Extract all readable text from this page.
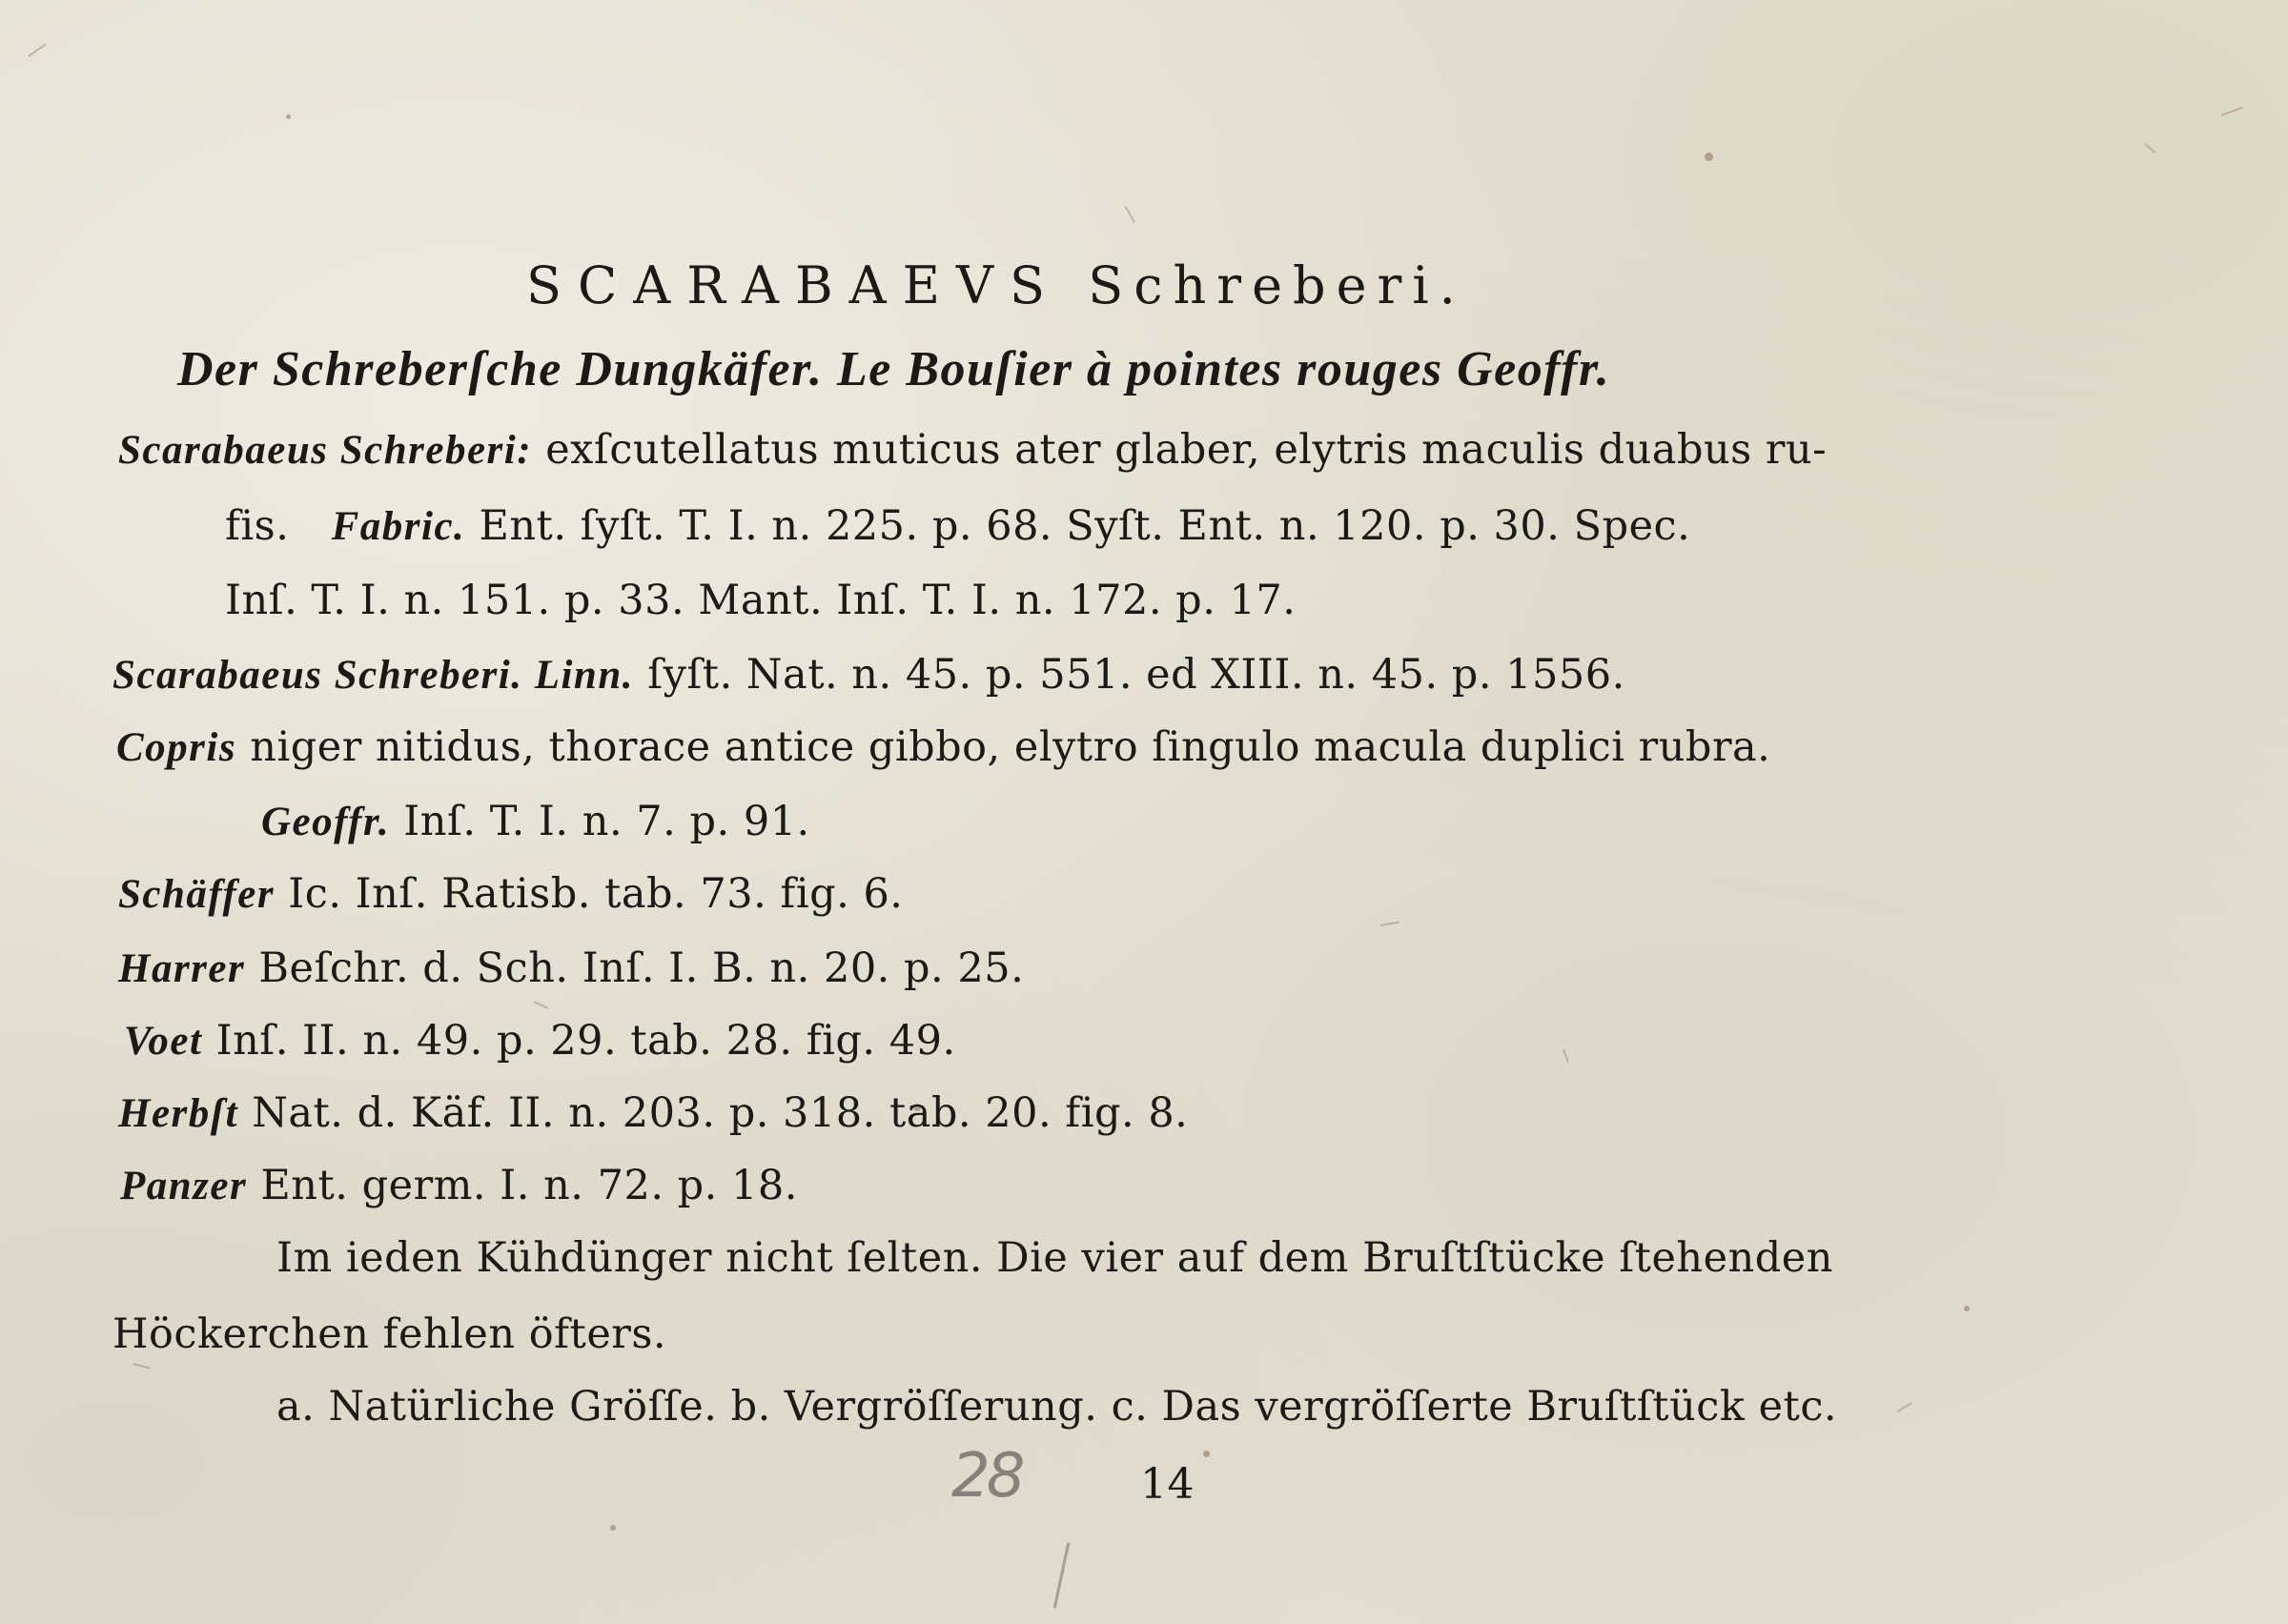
SCARABAEVS Schreberi.
Der Schreberſche Dungkäfer. Le Bouſier à pointes rouges Geoffr.
Scarabaeus Schreberi: exſcutellatus muticus ater glaber, elytris maculis duabus ru-
fis. Fabric. Ent. ſyſt. T. I. n. 225. p. 68. Syſt. Ent. n. 120. p. 30. Spec.
Inſ. T. I. n. 151. p. 33. Mant. Inſ. T. I. n. 172. p. 17.
Scarabaeus Schreberi. Linn. ſyſt. Nat. n. 45. p. 551. ed XIII. n. 45. p. 1556.
Copris niger nitidus, thorace antice gibbo, elytro ſingulo macula duplici rubra.
Geoffr. Inſ. T. I. n. 7. p. 91.
Schäffer Ic. Inſ. Ratisb. tab. 73. fig. 6.
Harrer Beſchr. d. Sch. Inſ. I. B. n. 20. p. 25.
Voet Inſ. II. n. 49. p. 29. tab. 28. fig. 49.
Herbſt Nat. d. Käf. II. n. 203. p. 318. tab. 20. fig. 8.
Panzer Ent. germ. I. n. 72. p. 18.
Im ieden Kühdünger nicht ſelten. Die vier auf dem Bruſtſtücke ſtehenden
Höckerchen fehlen öfters.
a. Natürliche Gröſſe. b. Vergröſſerung. c. Das vergröſſerte Bruſtſtück etc.
28	14
